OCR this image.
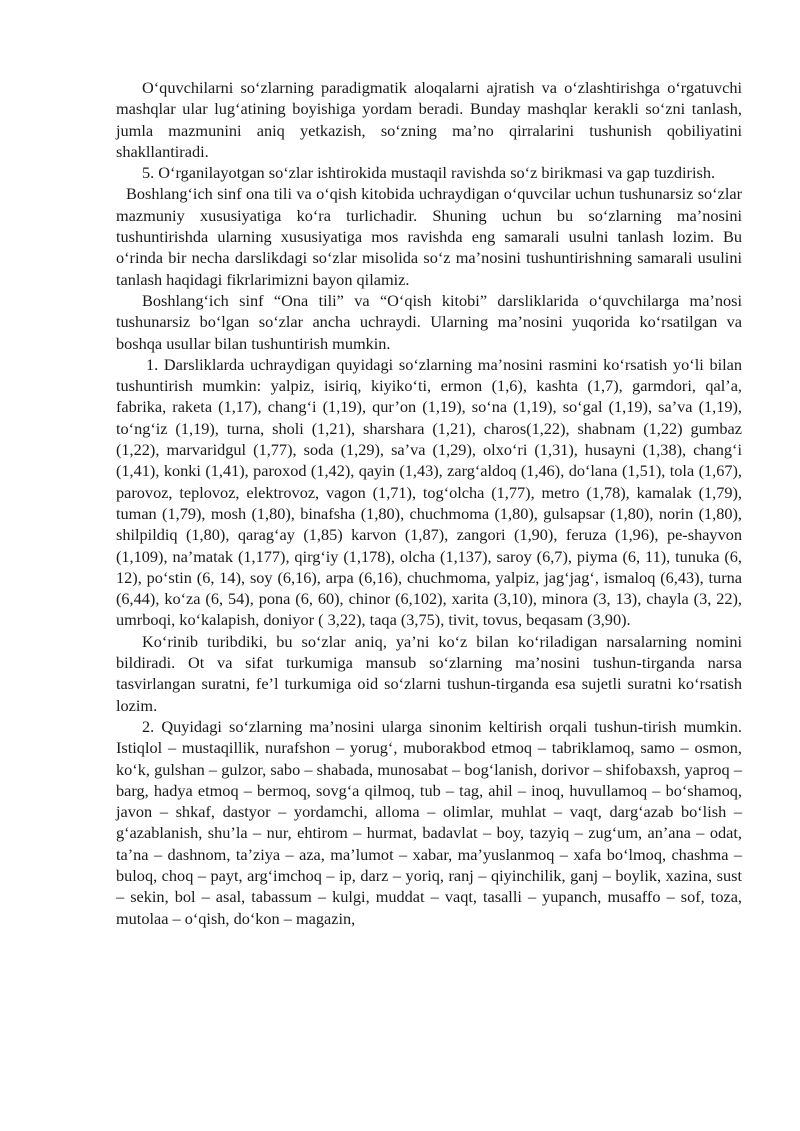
O‘quvchilarni so‘zlarning paradigmatik aloqalarni ajratish va o‘zlashtirishga o‘rgatuvchi mashqlar ular lug‘atining boyishiga yordam beradi. Bunday mashqlar kerakli so‘zni tanlash, jumla mazmunini aniq yetkazish, so‘zning ma’no qirralarini tushunish qobiliyatini shakllantiradi.

5. O‘rganilayotgan so‘zlar ishtirokida mustaqil ravishda so‘z birikmasi va gap tuzdirish.

Boshlang‘ich sinf ona tili va o‘qish kitobida uchraydigan o‘quvcilar uchun tushunarsiz so‘zlar mazmuniy xususiyatiga ko‘ra turlichadir. Shuning uchun bu so‘zlarning ma’nosini tushuntirishda ularning xususiyatiga mos ravishda eng samarali usulni tanlash lozim. Bu o‘rinda bir necha darslikdagi so‘zlar misolida so‘z ma’nosini tushuntirishning samarali usulini tanlash haqidagi fikrlarimizni bayon qilamiz.

Boshlang‘ich sinf “Ona tili” va “O‘qish kitobi” darsliklarida o‘quvchilarga ma’nosi tushunarsiz bo‘lgan so‘zlar ancha uchraydi. Ularning ma’nosini yuqorida ko‘rsatilgan va boshqa usullar bilan tushuntirish mumkin.

1. Darsliklarda uchraydigan quyidagi so‘zlarning ma’nosini rasmini ko‘rsatish yo‘li bilan tushuntirish mumkin: yalpiz, isiriq, kiyiko‘ti, ermon (1,6), kashta (1,7), garmdori, qal’a, fabrika, raketa (1,17), chang‘i (1,19), qur’on (1,19), so‘na (1,19), so‘gal (1,19), sa’va (1,19), to‘ng‘iz (1,19), turna, sholi (1,21), sharshara (1,21), charos(1,22), shabnam (1,22) gumbaz (1,22), marvaridgul (1,77), soda (1,29), sa’va (1,29), olxo‘ri (1,31), husayni (1,38), chang‘i (1,41), konki (1,41), paroxod (1,42), qayin (1,43), zarg‘aldoq (1,46), do‘lana (1,51), tola (1,67), parovoz, teplovoz, elektrovoz, vagon (1,71), tog‘olcha (1,77), metro (1,78), kamalak (1,79), tuman (1,79), mosh (1,80), binafsha (1,80), chuchmoma (1,80), gulsapsar (1,80), norin (1,80), shilpildiq (1,80), qarag‘ay (1,85) karvon (1,87), zangori (1,90), feruza (1,96), pe-shayvon (1,109), na’matak (1,177), qirg‘iy (1,178), olcha (1,137), saroy (6,7), piyma (6, 11), tunuka (6, 12), po‘stin (6, 14), soy (6,16), arpa (6,16), chuchmoma, yalpiz, jag‘jag‘, ismaloq (6,43), turna (6,44), ko‘za (6, 54), pona (6, 60), chinor (6,102), xarita (3,10), minora (3, 13), chayla (3, 22), umrboqi, ko‘kalapish, doniyor ( 3,22), taqa (3,75), tivit, tovus, beqasam (3,90).

Ko‘rinib turibdiki, bu so‘zlar aniq, ya’ni ko‘z bilan ko‘riladigan narsalarning nomini bildiradi. Ot va sifat turkumiga mansub so‘zlarning ma’nosini tushun-tirganda narsa tasvirlangan suratni, fe’l turkumiga oid so‘zlarni tushun-tirganda esa sujetli suratni ko‘rsatish lozim.

2. Quyidagi so‘zlarning ma’nosini ularga sinonim keltirish orqali tushun-tirish mumkin. Istiqlol – mustaqillik, nurafshon – yorug‘, muborakbod etmoq – tabriklamoq, samo – osmon, ko‘k, gulshan – gulzor, sabo – shabada, munosabat – bog‘lanish, dorivor – shifobaxsh, yaproq – barg, hadya etmoq – bermoq, sovg‘a qilmoq, tub – tag, ahil – inoq, huvullamoq – bo‘shamoq, javon – shkaf, dastyor – yordamchi, alloma – olimlar, muhlat – vaqt, darg‘azab bo‘lish – g‘azablanish, shu’la – nur, ehtirom – hurmat, badavlat – boy, tazyiq – zug‘um, an’ana – odat, ta’na – dashnom, ta’ziya – aza, ma’lumot – xabar, ma’yuslanmoq – xafa bo‘lmoq, chashma – buloq, choq – payt, arg‘imchoq – ip, darz – yoriq, ranj – qiyinchilik, ganj – boylik, xazina, sust – sekin, bol – asal, tabassum – kulgi, muddat – vaqt, tasalli – yupanch, musaffo – sof, toza, mutolaa – o‘qish, do‘kon – magazin,
